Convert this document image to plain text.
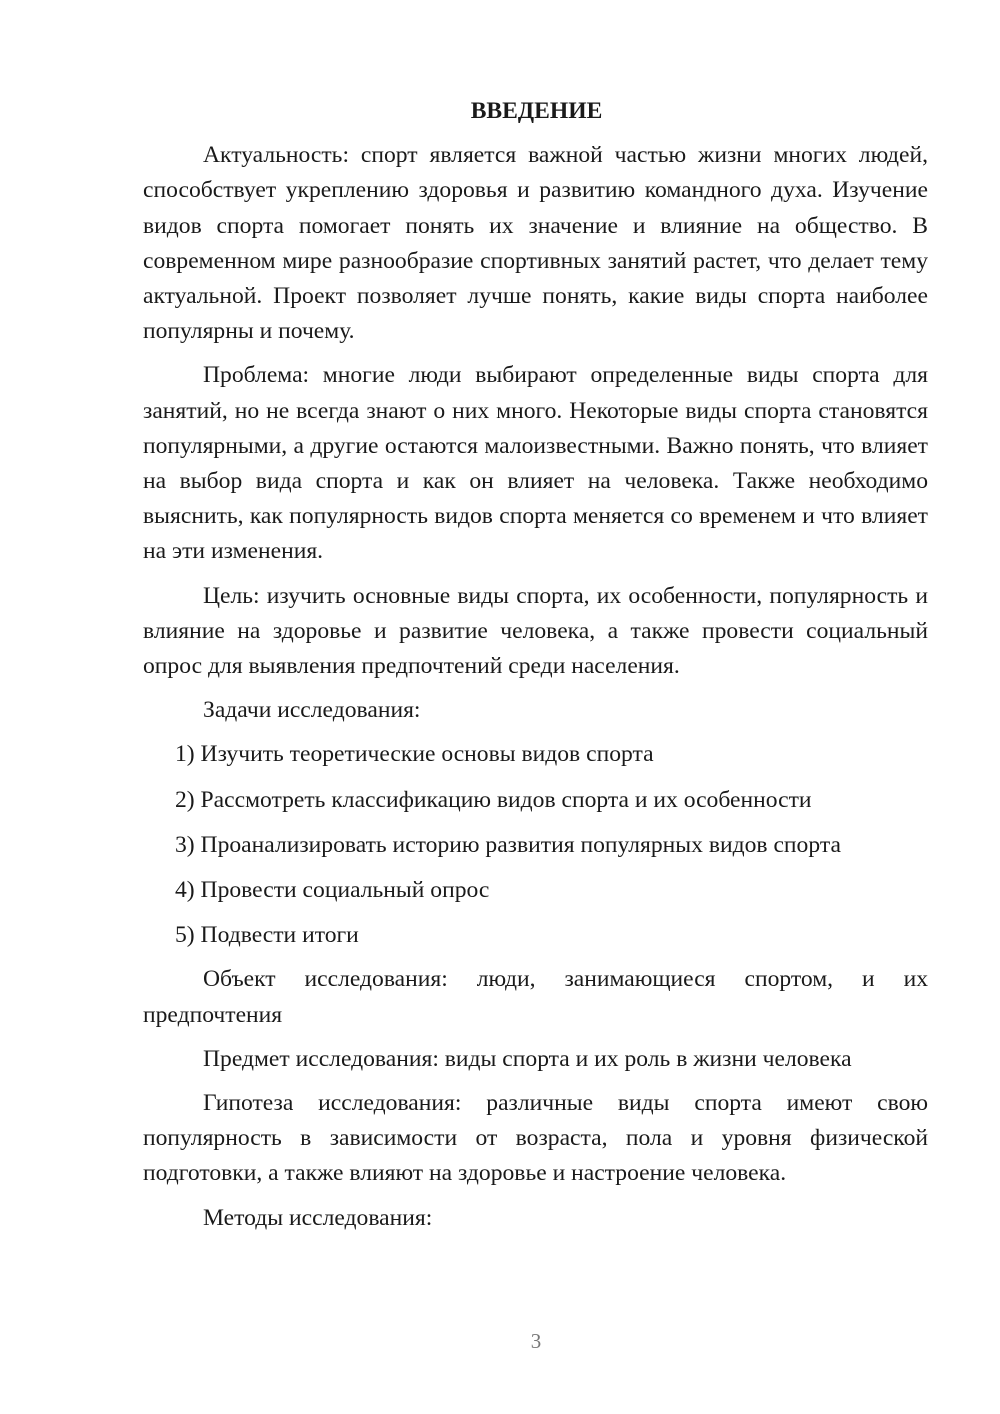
ВВЕДЕНИЕ

Актуальность: спорт является важной частью жизни многих людей, способствует укреплению здоровья и развитию командного духа. Изучение видов спорта помогает понять их значение и влияние на общество. В современном мире разнообразие спортивных занятий растет, что делает тему актуальной. Проект позволяет лучше понять, какие виды спорта наиболее популярны и почему.

Проблема: многие люди выбирают определенные виды спорта для занятий, но не всегда знают о них много. Некоторые виды спорта становятся популярными, а другие остаются малоизвестными. Важно понять, что влияет на выбор вида спорта и как он влияет на человека. Также необходимо выяснить, как популярность видов спорта меняется со временем и что влияет на эти изменения.

Цель: изучить основные виды спорта, их особенности, популярность и влияние на здоровье и развитие человека, а также провести социальный опрос для выявления предпочтений среди населения.

Задачи исследования:

1) Изучить теоретические основы видов спорта
2) Рассмотреть классификацию видов спорта и их особенности
3) Проанализировать историю развития популярных видов спорта
4) Провести социальный опрос
5) Подвести итоги

Объект исследования: люди, занимающиеся спортом, и их предпочтения

Предмет исследования: виды спорта и их роль в жизни человека

Гипотеза исследования: различные виды спорта имеют свою популярность в зависимости от возраста, пола и уровня физической подготовки, а также влияют на здоровье и настроение человека.

Методы исследования:

3
